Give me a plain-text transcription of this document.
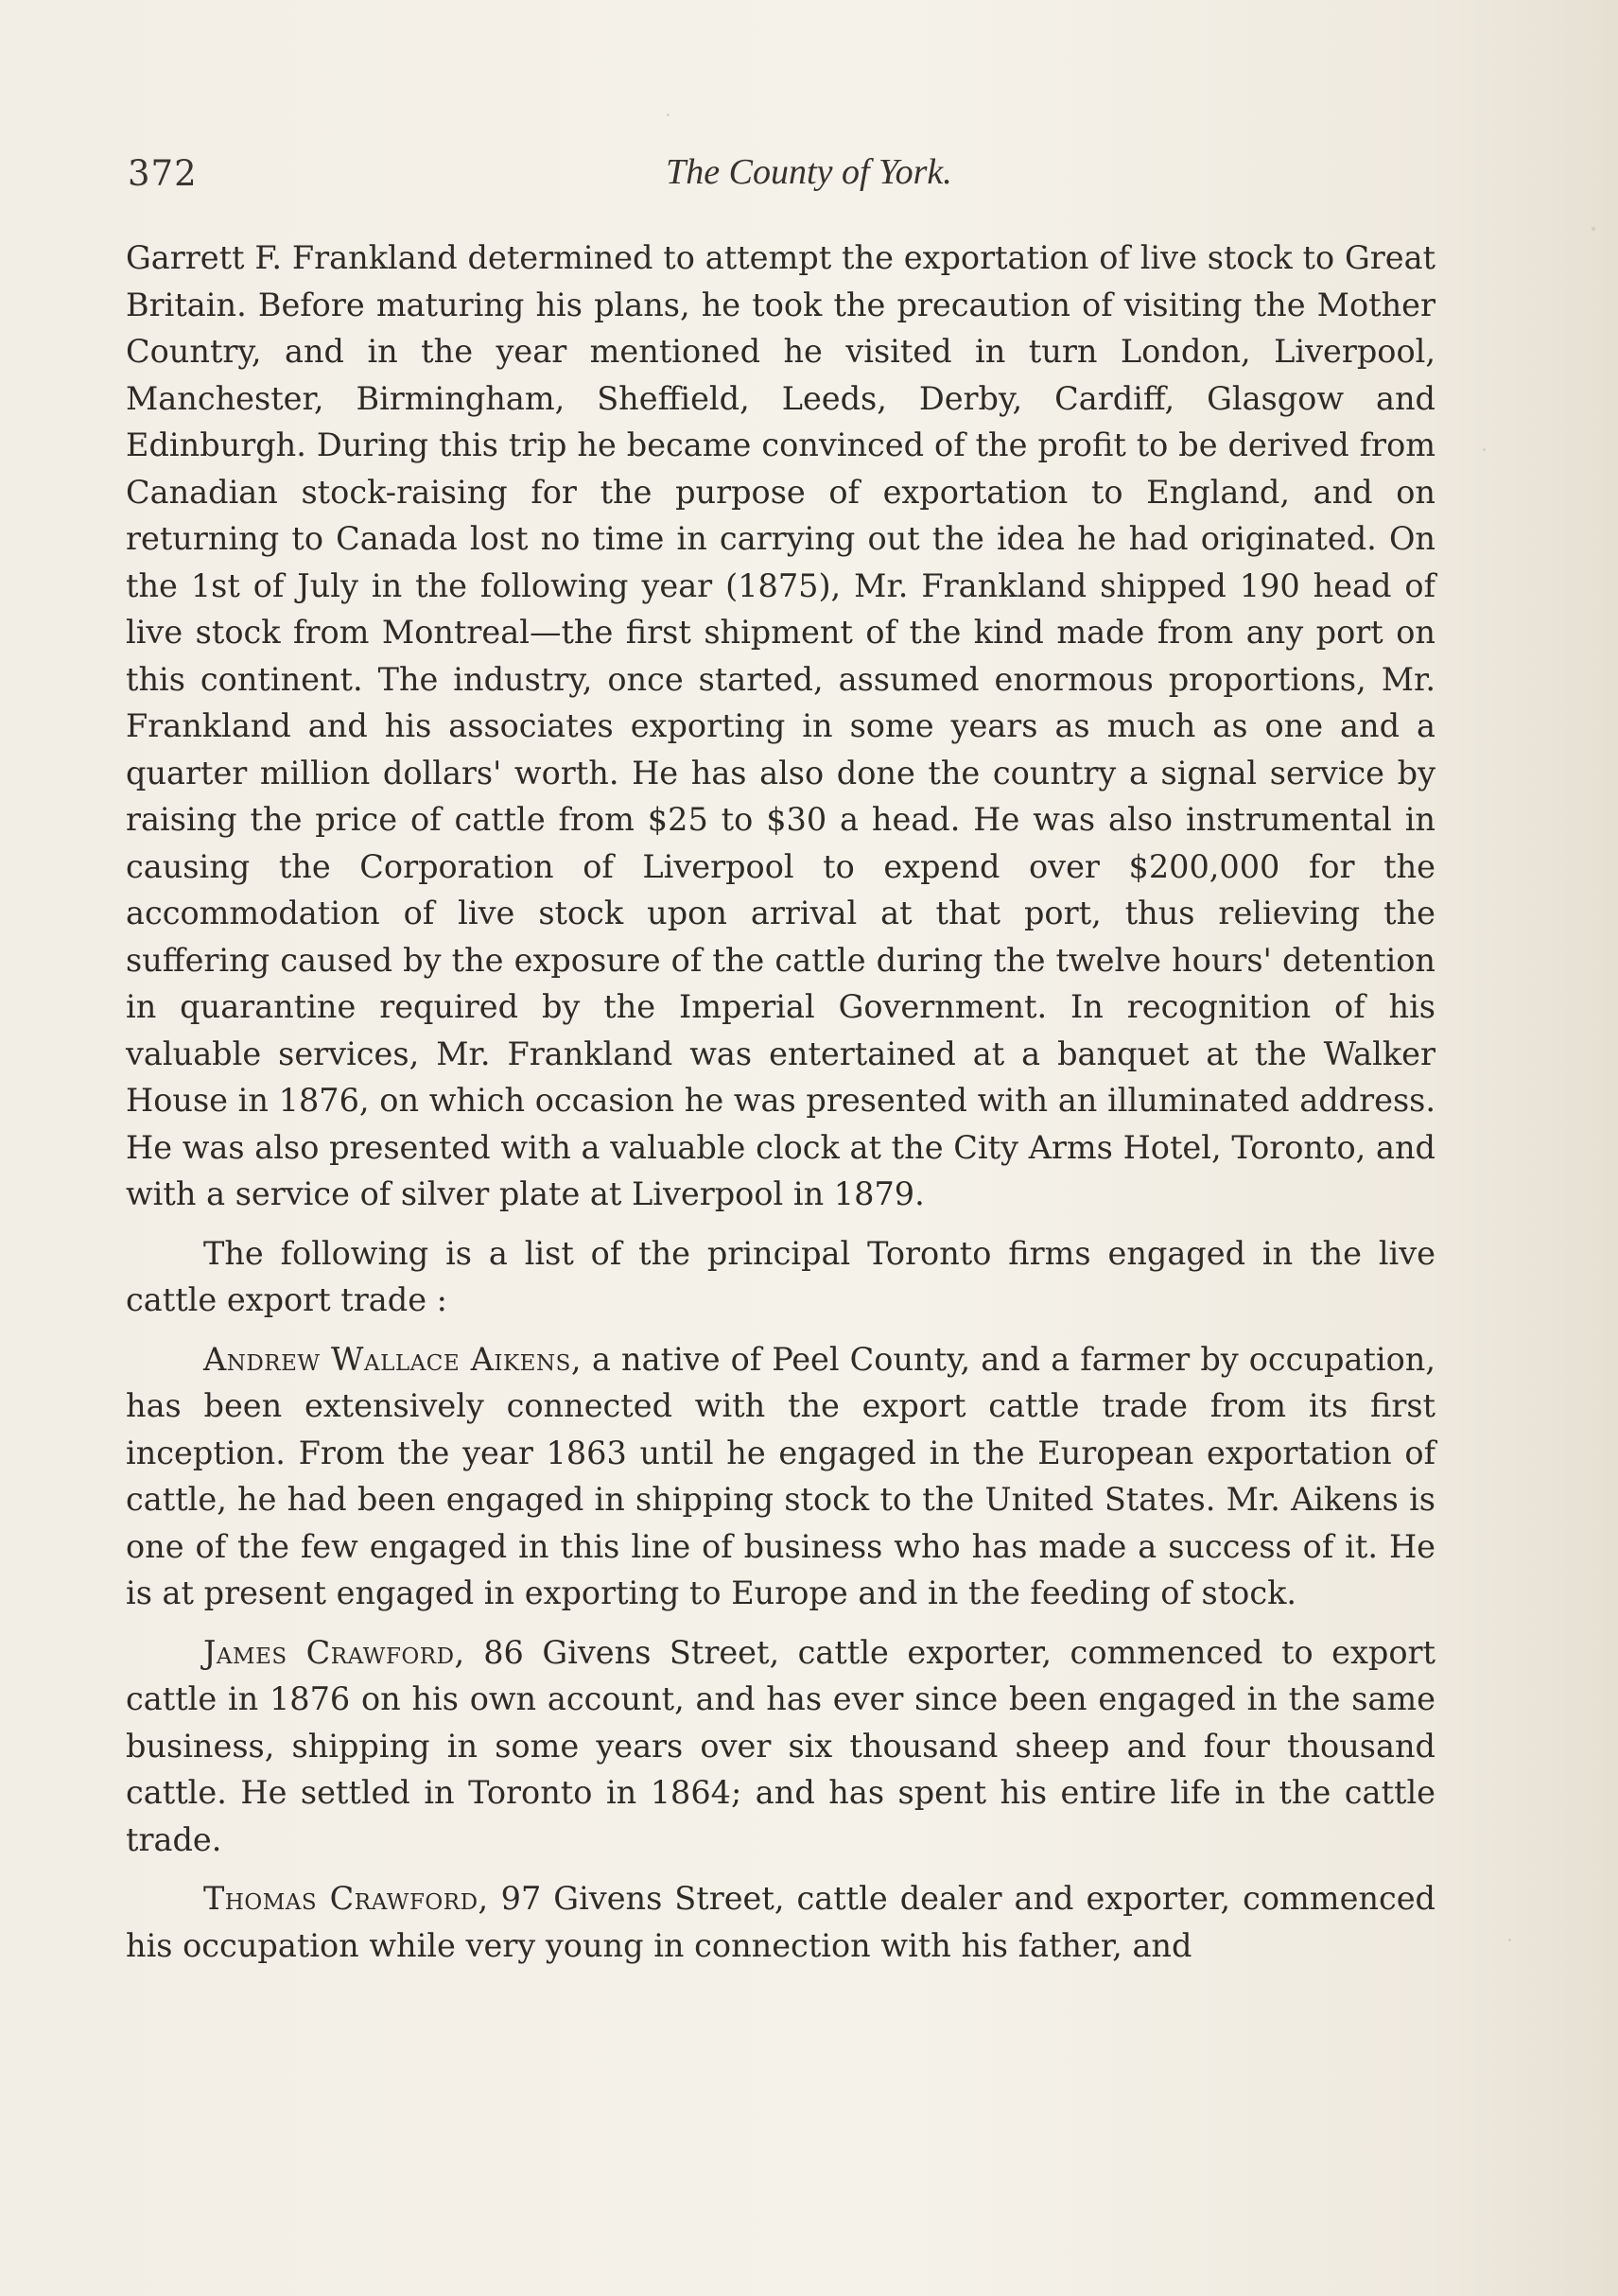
372	The County of York.

Garrett F. Frankland determined to attempt the exportation of live stock to Great Britain. Before maturing his plans, he took the precaution of visiting the Mother Country, and in the year mentioned he visited in turn London, Liverpool, Manchester, Birmingham, Sheffield, Leeds, Derby, Cardiff, Glasgow and Edinburgh. During this trip he became convinced of the profit to be derived from Canadian stock-raising for the purpose of exportation to England, and on returning to Canada lost no time in carrying out the idea he had originated. On the 1st of July in the following year (1875), Mr. Frankland shipped 190 head of live stock from Montreal—the first shipment of the kind made from any port on this continent. The industry, once started, assumed enormous proportions, Mr. Frankland and his associates exporting in some years as much as one and a quarter million dollars' worth. He has also done the country a signal service by raising the price of cattle from $25 to $30 a head. He was also instrumental in causing the Corporation of Liverpool to expend over $200,000 for the accommodation of live stock upon arrival at that port, thus relieving the suffering caused by the exposure of the cattle during the twelve hours' detention in quarantine required by the Imperial Government. In recognition of his valuable services, Mr. Frankland was entertained at a banquet at the Walker House in 1876, on which occasion he was presented with an illuminated address. He was also presented with a valuable clock at the City Arms Hotel, Toronto, and with a service of silver plate at Liverpool in 1879.

The following is a list of the principal Toronto firms engaged in the live cattle export trade :

Andrew Wallace Aikens, a native of Peel County, and a farmer by occupation, has been extensively connected with the export cattle trade from its first inception. From the year 1863 until he engaged in the European exportation of cattle, he had been engaged in shipping stock to the United States. Mr. Aikens is one of the few engaged in this line of business who has made a success of it. He is at present engaged in exporting to Europe and in the feeding of stock.

James Crawford, 86 Givens Street, cattle exporter, commenced to export cattle in 1876 on his own account, and has ever since been engaged in the same business, shipping in some years over six thousand sheep and four thousand cattle. He settled in Toronto in 1864; and has spent his entire life in the cattle trade.

Thomas Crawford, 97 Givens Street, cattle dealer and exporter, commenced his occupation while very young in connection with his father, and
